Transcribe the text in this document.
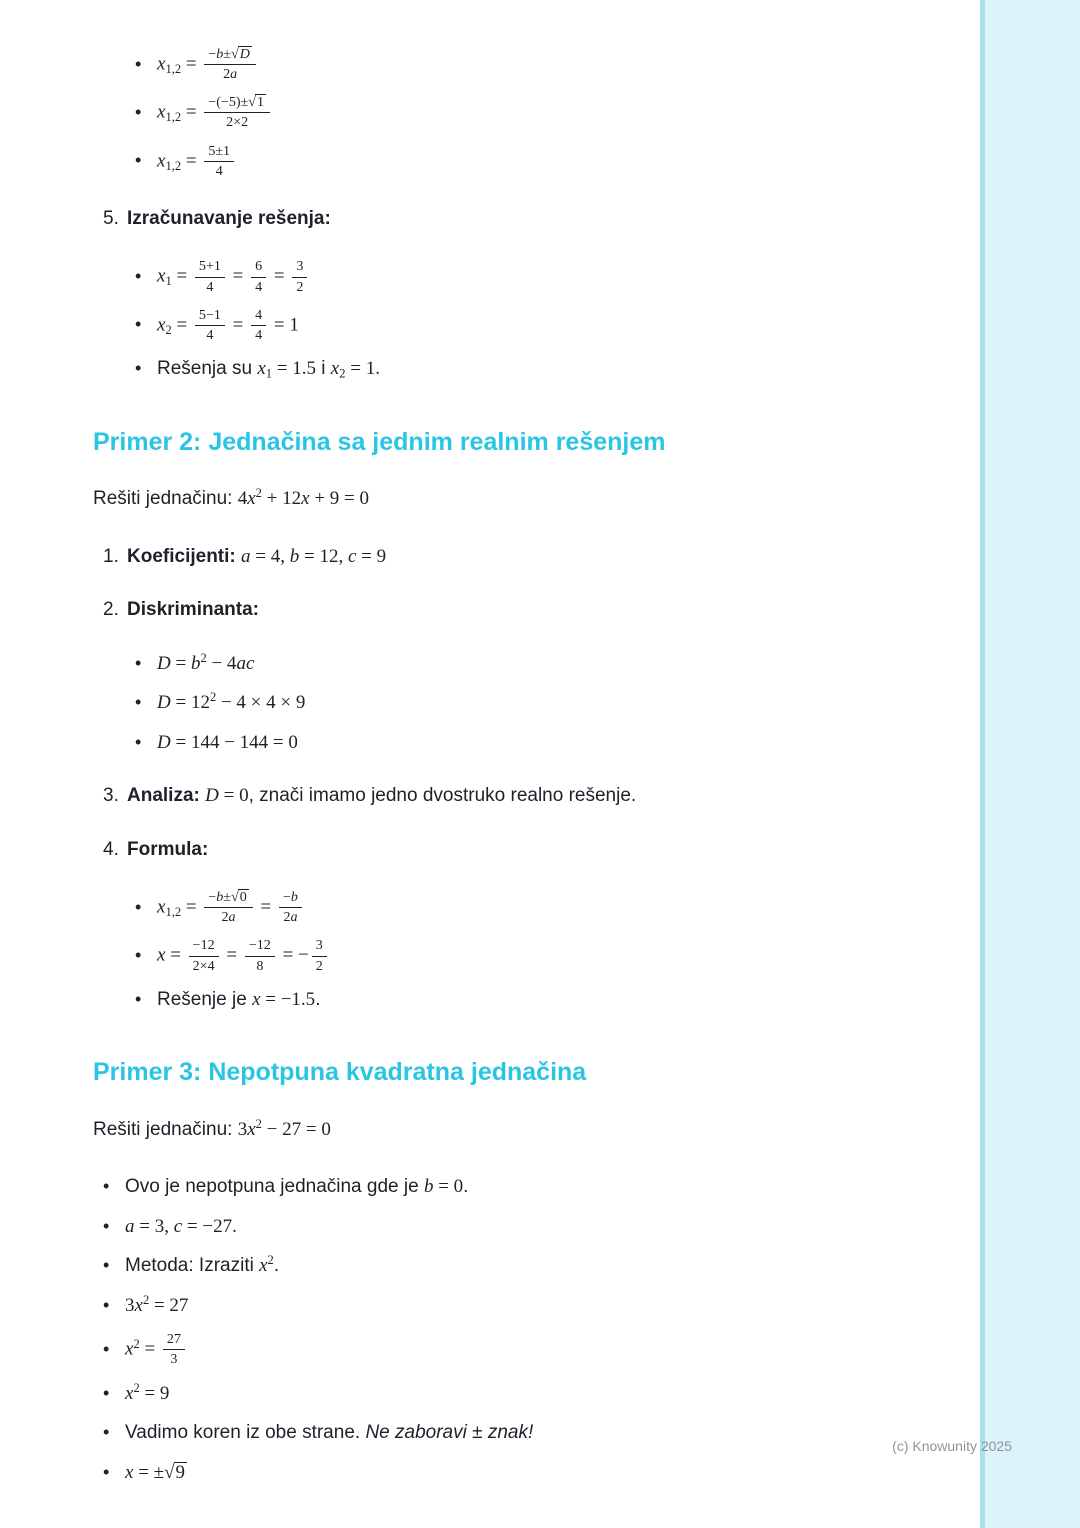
• $x_{1,2} = \frac{-b\pm√ D}{2a}$
• $x_{1,2} = \frac{-(-5)\pm√ 1}{2\times 2}$
• $x_{1,2} = \frac{5\pm 1}{4}$
5. Izračunavanje rešenja:
• $x_1 = \frac{5+1}{4} = \frac{6}{4} = \frac{3}{2}$
• $x_2 = \frac{5-1}{4} = \frac{4}{4} = 1$
• Rešenja su $x_1 = 1.5$ i $x_2 = 1$.
Primer 2: Jednačina sa jednim realnim rešenjem

Rešiti jednačinu: $4x^2 + 12x + 9 = 0$

1. Koeficijenti: a = 4, b = 12, c = 9
2. Diskriminanta:
• $D = b^2 - 4ac$
• $D = 12^2 - 4 \times 4 \times 9$
• D = 144 − 144 = 0
3. Analiza: D = 0, znači imamo jedno dvostruko realno rešenje.
4. Formula:
• $x_{1,2} = \frac{-b\pm√ 0}{2a} = \frac{-b}{2a}$
• $x = \frac{-12}{2\times 4} = \frac{-12}{8}$ = − $\frac{3}{2}$
• Rešenje je x = −1.5.
Primer 3: Nepotpuna kvadratna jednačina

Rešiti jednačinu: $3x^2 - 27 = 0$

• Ovo je nepotpuna jednačina gde je b = 0.
• a = 3, c = −27.
• Metoda: Izraziti $x^2$.
• $3x^2 = 27$
• $x^2 = \frac{27}{3}$
• $x^2 = 9$
• Vadimo koren iz obe strane. Ne zaboravi ± znak!
• x = ±√ 9
(c) Knowunity 2025
